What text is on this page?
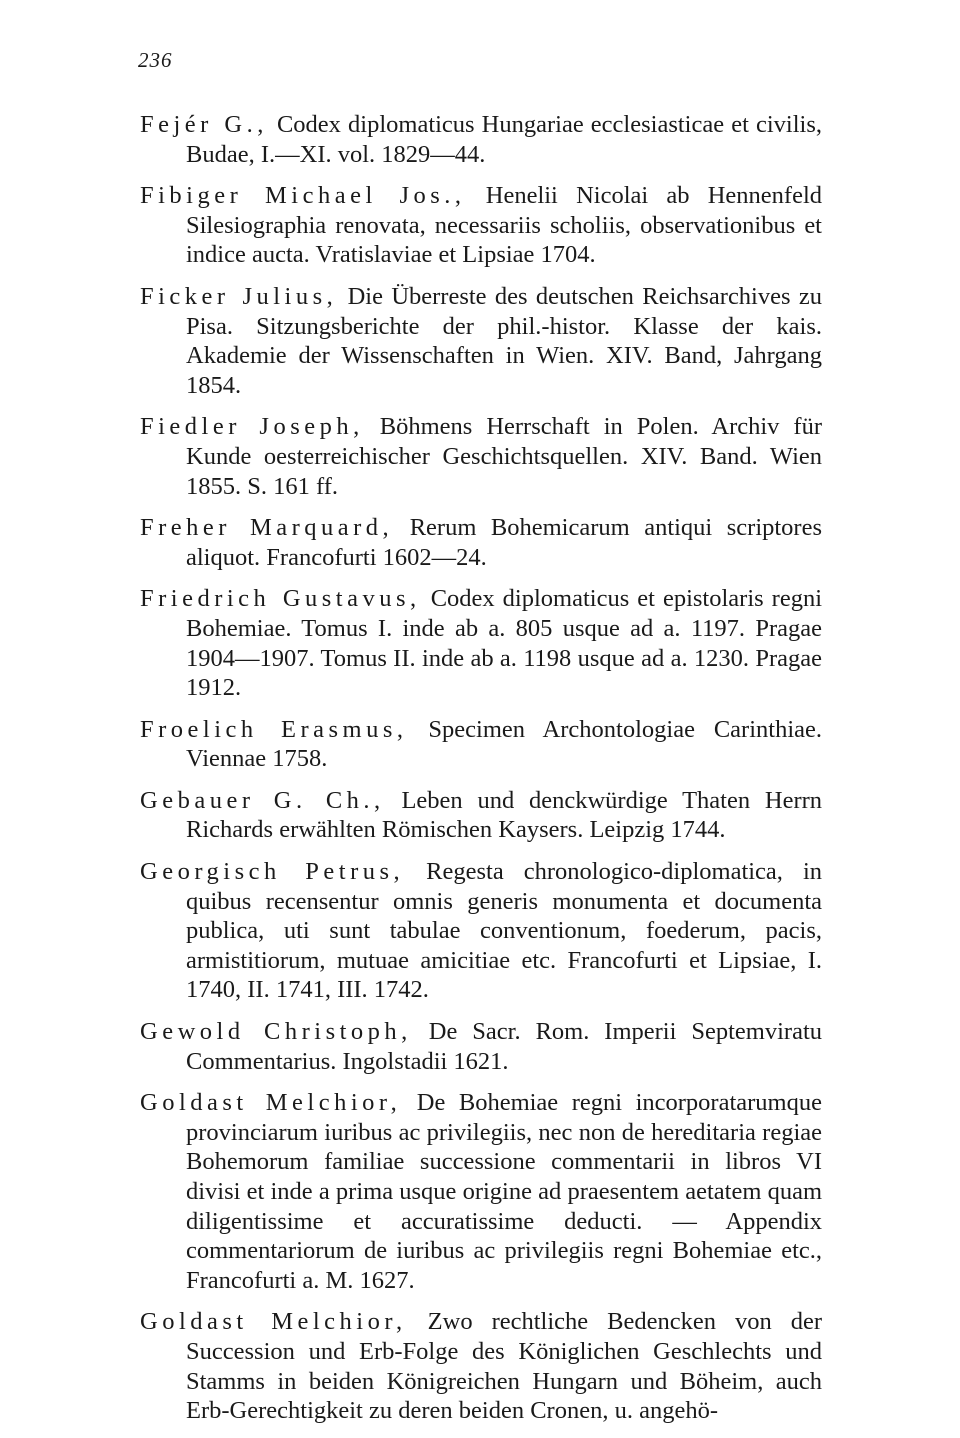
236

Fejér G., Codex diplomaticus Hungariae ecclesiasticae et civilis, Budae, I.—XI. vol. 1829—44.

Fibiger Michael Jos., Henelii Nicolai ab Hennenfeld Silesiographia renovata, necessariis scholiis, observationibus et indice aucta. Vratislaviae et Lipsiae 1704.

Ficker Julius, Die Überreste des deutschen Reichsarchives zu Pisa. Sitzungsberichte der phil.-histor. Klasse der kais. Akademie der Wissenschaften in Wien. XIV. Band, Jahrgang 1854.

Fiedler Joseph, Böhmens Herrschaft in Polen. Archiv für Kunde oesterreichischer Geschichtsquellen. XIV. Band. Wien 1855. S. 161 ff.

Freher Marquard, Rerum Bohemicarum antiqui scriptores aliquot. Francofurti 1602—24.

Friedrich Gustavus, Codex diplomaticus et epistolaris regni Bohemiae. Tomus I. inde ab a. 805 usque ad a. 1197. Pragae 1904—1907. Tomus II. inde ab a. 1198 usque ad a. 1230. Pragae 1912.

Froelich Erasmus, Specimen Archontologiae Carinthiae. Viennae 1758.

Gebauer G. Ch., Leben und denckwürdige Thaten Herrn Richards erwählten Römischen Kaysers. Leipzig 1744.

Georgisch Petrus, Regesta chronologico-diplomatica, in quibus recensentur omnis generis monumenta et documenta publica, uti sunt tabulae conventionum, foederum, pacis, armistitiorum, mutuae amicitiae etc. Francofurti et Lipsiae, I. 1740, II. 1741, III. 1742.

Gewold Christoph, De Sacr. Rom. Imperii Septemviratu Commentarius. Ingolstadii 1621.

Goldast Melchior, De Bohemiae regni incorporatarumque provinciarum iuribus ac privilegiis, nec non de hereditaria regiae Bohemorum familiae successione commentarii in libros VI divisi et inde a prima usque origine ad praesentem aetatem quam diligentissime et accuratissime deducti. — Appendix commentariorum de iuribus ac privilegiis regni Bohemiae etc., Francofurti a. M. 1627.

Goldast Melchior, Zwo rechtliche Bedencken von der Succession und Erb-Folge des Königlichen Geschlechts und Stamms in beiden Königreichen Hungarn und Böheim, auch Erb-Gerechtigkeit zu deren beiden Cronen, u. angehö-
